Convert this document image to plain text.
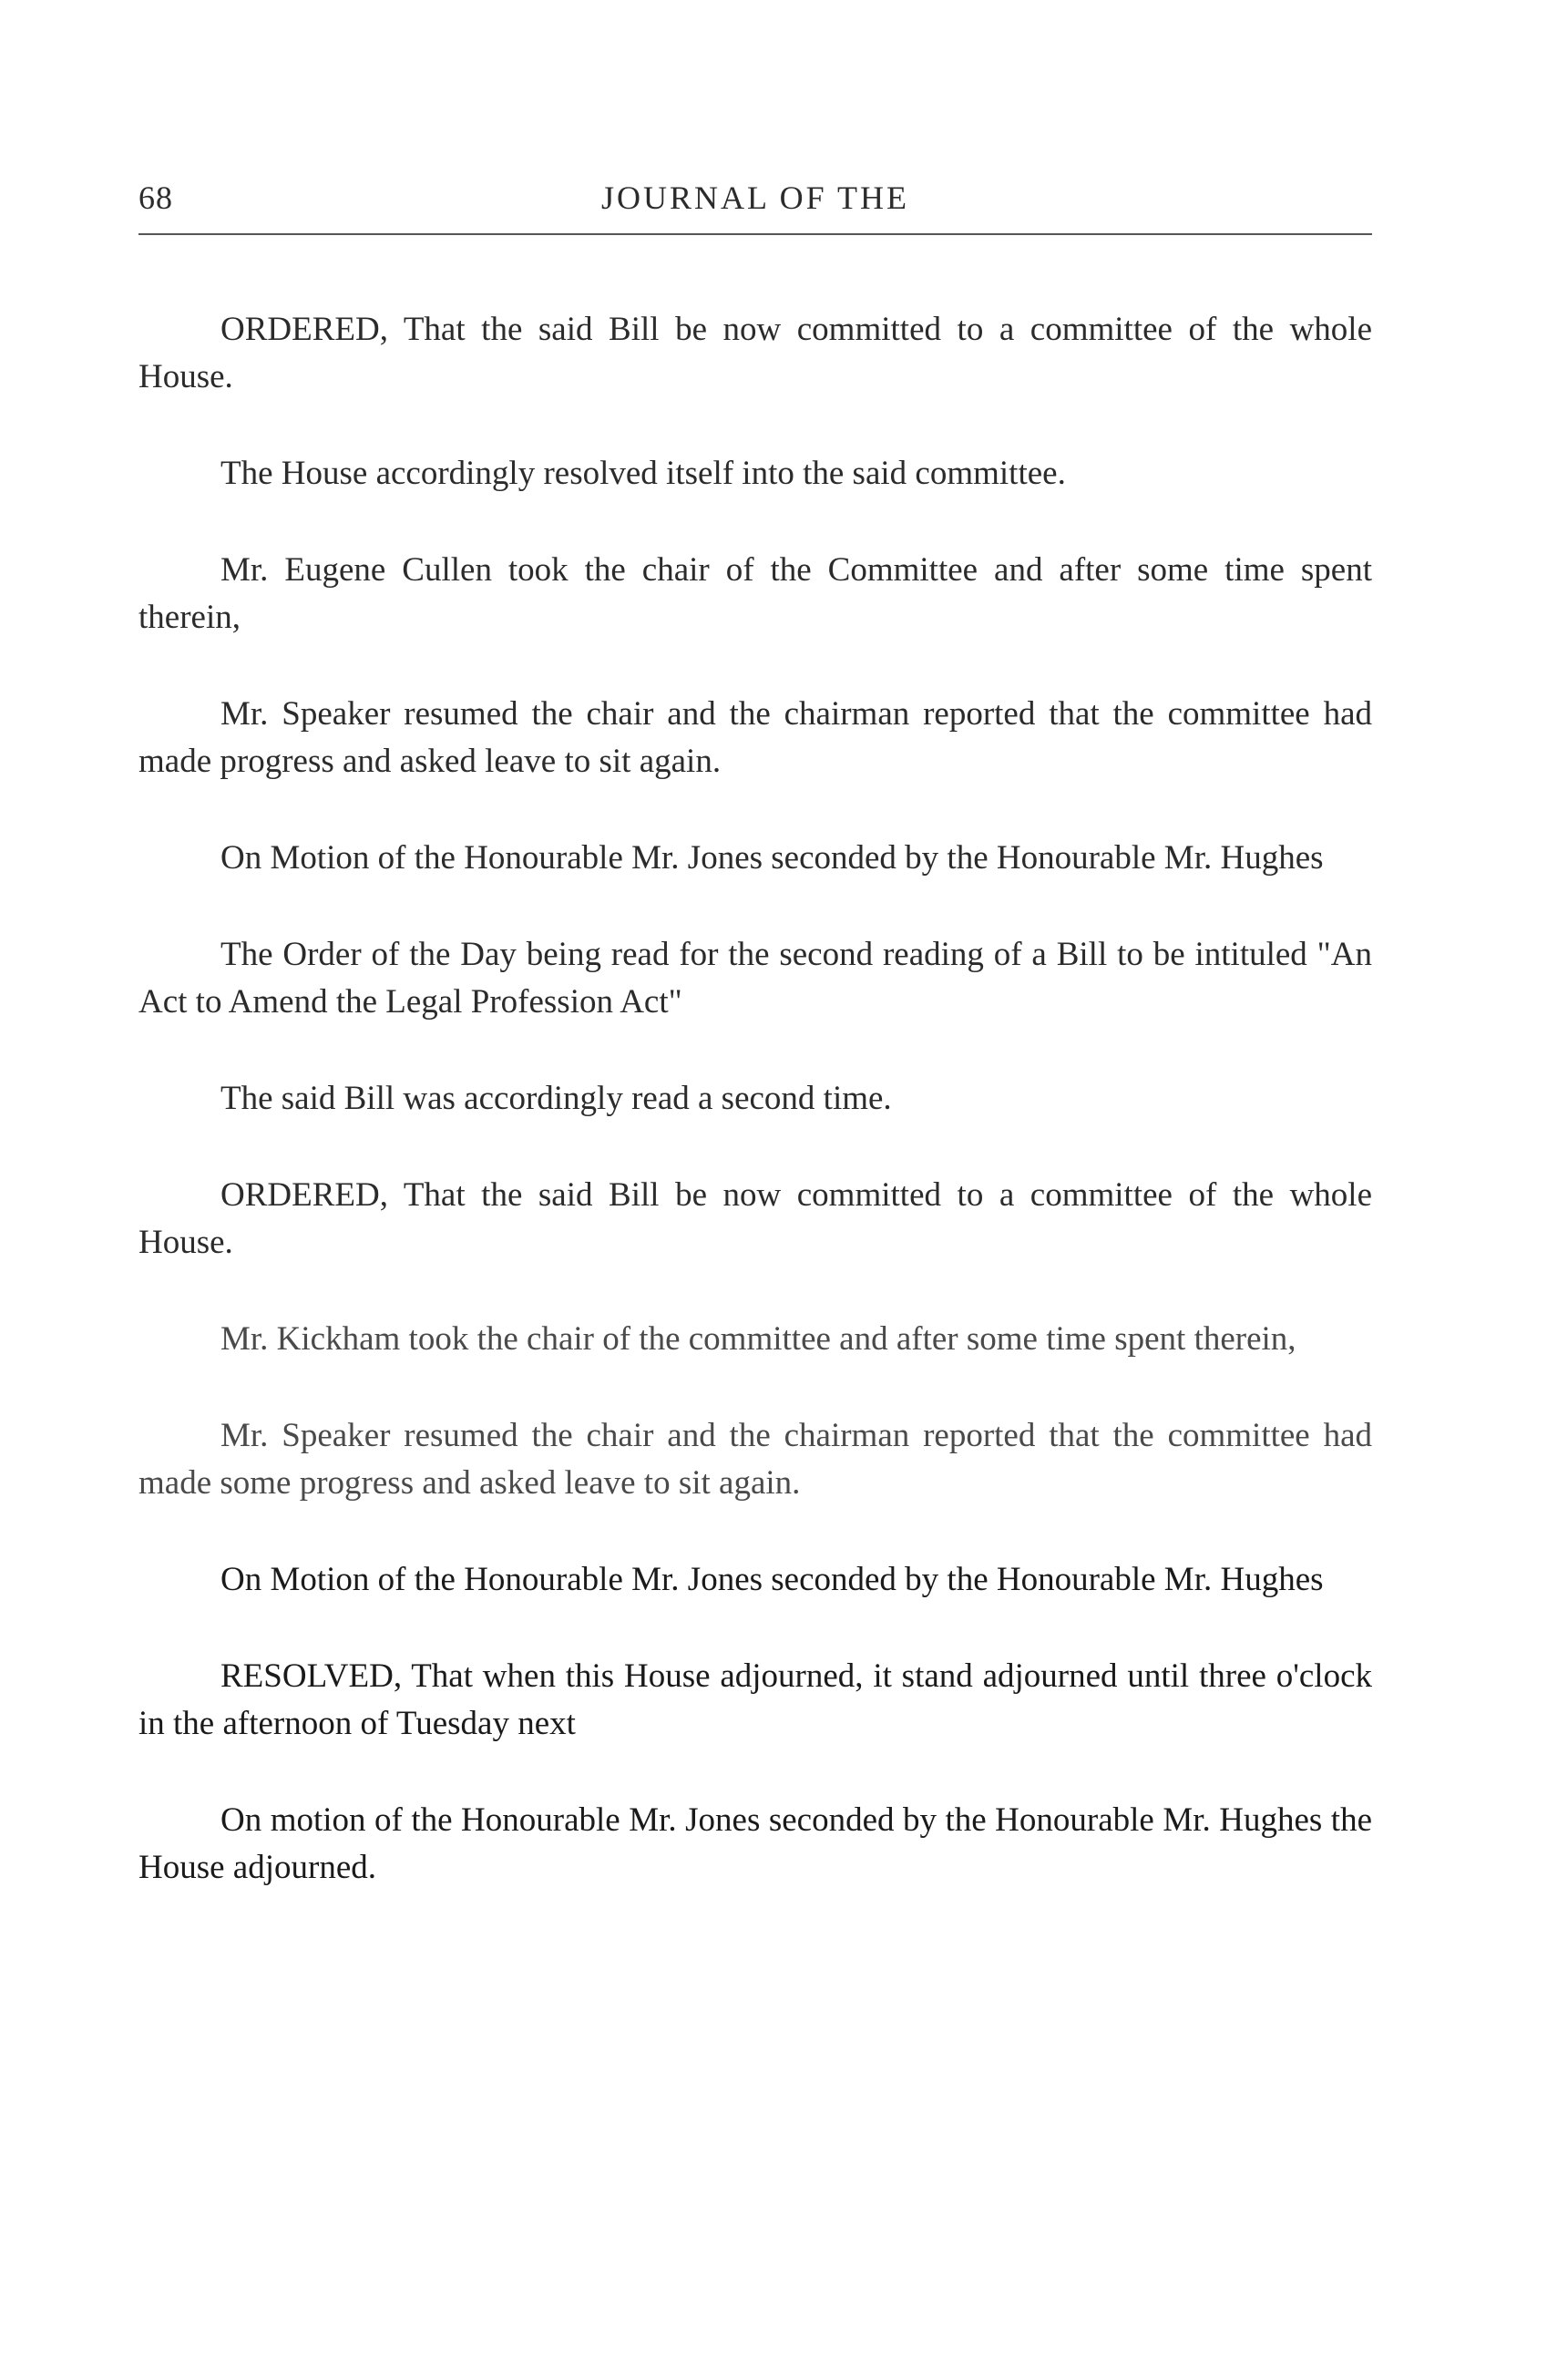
68	JOURNAL OF THE

ORDERED, That the said Bill be now committed to a committee of the whole House.

The House accordingly resolved itself into the said committee.

Mr. Eugene Cullen took the chair of the Committee and after some time spent therein,

Mr. Speaker resumed the chair and the chairman reported that the committee had made progress and asked leave to sit again.

On Motion of the Honourable Mr. Jones seconded by the Honourable Mr. Hughes

The Order of the Day being read for the second reading of a Bill to be intituled "An Act to Amend the Legal Profession Act"

The said Bill was accordingly read a second time.

ORDERED, That the said Bill be now committed to a committee of the whole House.

Mr. Kickham took the chair of the committee and after some time spent therein,

Mr. Speaker resumed the chair and the chairman reported that the committee had made some progress and asked leave to sit again.

On Motion of the Honourable Mr. Jones seconded by the Honourable Mr. Hughes

RESOLVED, That when this House adjourned, it stand adjourned until three o'clock in the afternoon of Tuesday next

On motion of the Honourable Mr. Jones seconded by the Honourable Mr. Hughes the House adjourned.
